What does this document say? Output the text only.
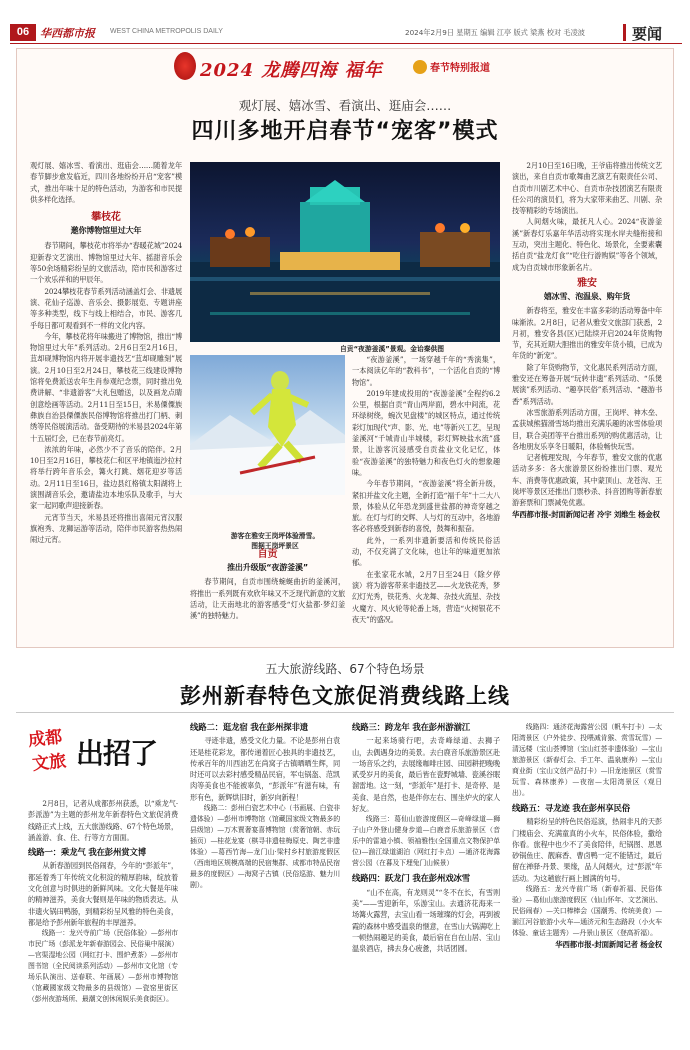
06 华西都市报 WEST CHINA METROPOLIS DAILY	2024年2月9日 星期五 编辑 江亭 版式 梁燕 校对 毛凌波	要闻
2024 龙腾四海 福年	春节特别报道
观灯展、嬉冰雪、看演出、逛庙会……
四川多地开启春节“宠客”模式

观灯展、嬉冰雪、看演出、逛庙会……随着龙年春节脚步愈发临近，四川各地纷纷开启“宠客”模式，推出年味十足的特色活动，为游客和市民提供多样化选择。

攀枝花
邀你博物馆里过大年

春节期间，攀枝花市将举办“春暖花城”2024迎新春文艺演出、博物馆里过大年、摇甜音乐会等50余场精彩纷呈的文旅活动，陪市民和游客过一个欢乐祥和的甲辰年。

2024攀枝花春节系列活动涵盖灯会、非遗展演、花仙子巡游、音乐会、摄影展览、专题讲座等多种类型，线下与线上相结合，市民、游客几乎每日都可观看到不一样的文化内容。

今年，攀枝花将年味搬进了博物馆，推出“博物馆里过大年”系列活动。2月6日至2月16日，苴却砚博物馆内将开展非遗技艺“苴却砚雕刻”展演。2月10日至2月24日，攀枝花三线建设博物馆将免费派送农年生肖参观纪念票，同时推出免费讲解、“非遗游客”大礼包赠送，以及画龙点睛创意绘画等活动。2月11日至15日，米易傈僳族彝族自治县傈僳族民俗博物馆将推出打门柄、刺绣等民俗展演活动。备受期待的米易县2024年第十五届灯会，已在春节前亮灯。

浓浓的年味，必然少不了音乐的陪伴。2月10日至2月16日，攀枝花仁和区平地镇迤沙拉村将举行跨年音乐会，篝火打跳、烟花迎岁等活动。2月11日至16日，盐边县红格镇太阳湖将上演围湖音乐会，邀请盐边本地乐队及歌手，与大家一起同歌声迎接新春。

元宵节当天，米易县还将推出喜闹元宵汉服旗袍秀、龙狮运游等活动，陪伴市民游客热热闹闹过元宵。

自贡“夜游釜溪”景观。金诒秦供图
游客在雅安王岗坪体验滑雪。
图据王岗坪景区
自贡
推出升级版“夜游釜溪”

春节期间，自贡市围绕蜿蜒曲折的釜溪河，将推出一系列既有欢欣年味又不乏现代新意的文旅活动，让天南地北的游客感受“灯火盐都·梦幻釜溪”的独特魅力。

“夜游釜溪”，一场穿越千年的“秀演集”，一本阅读亿年的“教科书”，一个活化自贡的“博物馆”。

2019年建成投用的“夜游釜溪”全程约6.2公里，根据自贡“青山两岸面，碧水中间流，花环绿树绕，蜿次见盘楼”的城区特点，通过传统彩灯加现代“声、影、光、电”等新兴工艺，呈现釜溪河“千城青山半城楼，彩灯辉映盐水流”盛景，让游客沉浸感受自贡盐业文化记忆，体验“夜游釜溪”的独特魅力和夜色灯火的想象趣味。

今年春节期间，“夜游釜溪”将全新升级，紧扣并盐文化主题，全新打造“福千年”十二大八景，体验从亿年恐龙到盛世盐都的神奇穿越之旅。在灯与灯的交辉、人与灯的互动中，各地游客必将感受到新春的喜悦，鼓舞和振奋。

此外，一系列非遗新要活和传统民俗活动，不仅充满了文化味，也让年的味道更加浓郁。

在张家花水城，2月7日至24日（除夕停演）将为游客带来非遗技艺——火龙铁花秀，梦幻灯光秀，铁花秀、火龙舞、杂技火流星、杂技火魔方、风火轮等轮番上场，营造“火树银花不夜天”的盛况。

2月10日至16日晚，王爷庙将推出传统文艺演出，来自自贡市歌舞曲艺演艺有限责任公司、自贡市川剧艺术中心、自贡市杂技团演艺有限责任公司的演员们，将为大家带来曲艺、川剧、杂技等精彩的专场演出。

人间烟火味，最抚凡人心。2024“夜游釜溪”新春灯乐嘉年华活动将实现水岸夫缝衔接和互动，突出主题化、特色化、场景化，全要素囊括自贡“盐龙灯食”“吃住行游购娱”等各个领域，成为自贡城市形象新名片。

雅安
嬉冰雪、泡温泉、购年货

新春将至，雅安在丰富多彩的活动筹备中年味渐浓。2月8日，记者从雅安文旅部门获悉，2月初，雅安各县(区)已陆续开启2024年货购物节，充其近期大胆推出的雅安年货小镇，已成为年货的“新宠”。

除了年货购物节，文化惠民系列活动方面，雅安还在筹备开展“玩转非遗”系列活动、“乐煲展演”系列活动、“趣享民俗”系列活动、“趣游书香”系列活动。

冰雪旅游系列活动方面，王岗坪、神木垒、孟获城熊猫滑雪场均推出充满乐趣的冰雪体验项目，联合美团等平台推出系列的购优惠活动，让各地朋友乐享冬日暖阳，体验畅快玩雪。

记者梳理发现，今年春节，雅安文旅的优惠活动多多：各大旅游景区纷纷推出门票、观光车、消费等优惠政策，其中蒙顶山、龙苍沟、王岗坪等景区还推出门票秒杀、抖音团购等新春旅游套票和门票减免优惠。

华西都市报-封面新闻记者 冷宇 刘维生 杨金权

五大旅游线路、67个特色场景
彭州新春特色文旅促消费线路上线
成都
文旅 出招了

2月8日，记者从成都彭州获悉，以“乘龙气·彭派游”为主题的彭州龙年新春特色文旅促消费线路正式上线，五大旅游线路、67个特色场景，涵盖游、食、住、行等方方面面。

线路一：乘龙气 我在彭州赏文博

从新春游园到民俗闹春，今年的“彭派年”，都延着秀丁年传统文化积淀的精厚韵味，绽放着文化创意与时俱进的新鲜风味。文化大餐是年味的精神滋养，美食大餐则是年味的物质表达。从非遗火锅田鸭肠，到精彩纷呈风雅的特色美食，都是给予彭州新年旅程的丰厚滋养。

线路一：龙兴寺前广场（民俗体验）—彭州市市民广场（彭派龙年新春游园会、民俗巢中展演）—官渠湿地公园（网红打卡、围炉煮茶）—彭州市图书馆（全民阅读系列活动）—彭州市文化馆（专场乐队演出、送春联、年画展）—彭州市博物馆（馆藏國家级文物最多的县级馆）—瓷窑里街区（彭州夜游场所、最潮文创休闲娱乐美食街区）。

线路二：逛龙宿 我在彭州探非遗

寻迹非遗，感受文化力量。不论是彭州白袁还是桂花彩龙，都传递着匠心独具的非遗技艺，传承百年的川西油艺在尚窝子古镇晒晒生辉，同时还可以去彩村感受精品民宿，军屯锅盔、范凯肉等美食也不能被辜负，“彭派年”有滋有味，有形有色，新辉烘旧时，新岁向新程！

线路二：彭州白瓷艺术中心（书画展、白瓷非遗体验）—彭州市博物馆（馆藏国家级文物最多的县级馆）—万木賈奢宴喜博物馆（赏奢馆朝、赤玩插页）—桂花龙宴（棋寻非遗桂梅原史、陶艺非遗体验）—葛西竹海—龙门山·梁村乡村旅游度假区（西南地区规模高端的民宿集群、成都市特品民宿最多的度假区）—海窝子古镇（民俗巡游、魅力川剧）。

线路三：跨龙年 我在彭州游湔江

一起来场骑行吧，去奇峰绿道、去狮子山，去偶遇身边的美景。去白鹿音乐旅游景区赴一场音乐之约，去展缘咖啡庄园、田园耕把晚晚贰受岁月的美食，最后皆在瓷野城墙、瓷溪谷眠溜雷地。这一刻，“彭派年”是打卡、是奇停、是美食、是自然，也是伴你左右、围坐炉火的家人好友。

线路三：葛仙山旅游度假区—奇峰绿道—狮子山户外登山健身步道—白鹿音乐旅游景区（音乐中的雷迪小镇、领袖雅性(全国重点文物保护单位)—湔江绿道湖泊（网红打卡点）—通济花海露营公园（在暮及下埋兔门山候景）

线路四：跃龙门 我在彭州戏冰雪

“山不在高，有龙则灵”“冬不在长，有雪则美”——雪迎新年，乐游宝山。去通济花海来一场篝火露营，去宝山看一场璀璨的灯会，再到被霞的森林中感受温泉的惬意，在雪山大锅满吃上一顿热闹趣足的美食，最后宿在自在山居、宝山温泉酒店，拂去身心疲惫，共话团圆。

线路四：通济花海露营公园（帆车打卡）—太阳湾景区（户外徒步、投喂减肯猴、赏雪玩雪）—清远楼（宝山荟博馆（宝山红荟非遗体验）—宝山旅游景区（新春灯会、手工年、温泉康养）—宝山商业街（宝山文创产品打卡）—旧龙池景区（赏雪玩雪、森林康养）—夜宿—太阳湾景区（观日出）。

线路五：寻龙迹 我在彭州享民俗

精彩纷呈的特色民俗巡演，热闹非凡的天彭门楼庙会、充满童真的小火车，民俗体验，撒给你看。旅程中也少不了美食陪伴，纪锅图、恩恩砂锅鱼庄、靓麻香、曹卤鸭一定不能错过，最后留在禅驿·丹景、果缘，品人间烟火，过“彭派”年活动。为这趟旅行画上圆满的句号。

线路五：龙兴寺前广场（新春祈福、民俗体验）—葛仙山旅游度假区（仙山怀年、文艺演出、民俗闹春）—关口棒棒会（国潮秀、传统美食）—湔江河谷旅游小火车—通济元和生态路段（小火车体验、童话主题秀）—丹景山景区（登高祈福）。

华西都市报-封面新闻记者 杨金权
